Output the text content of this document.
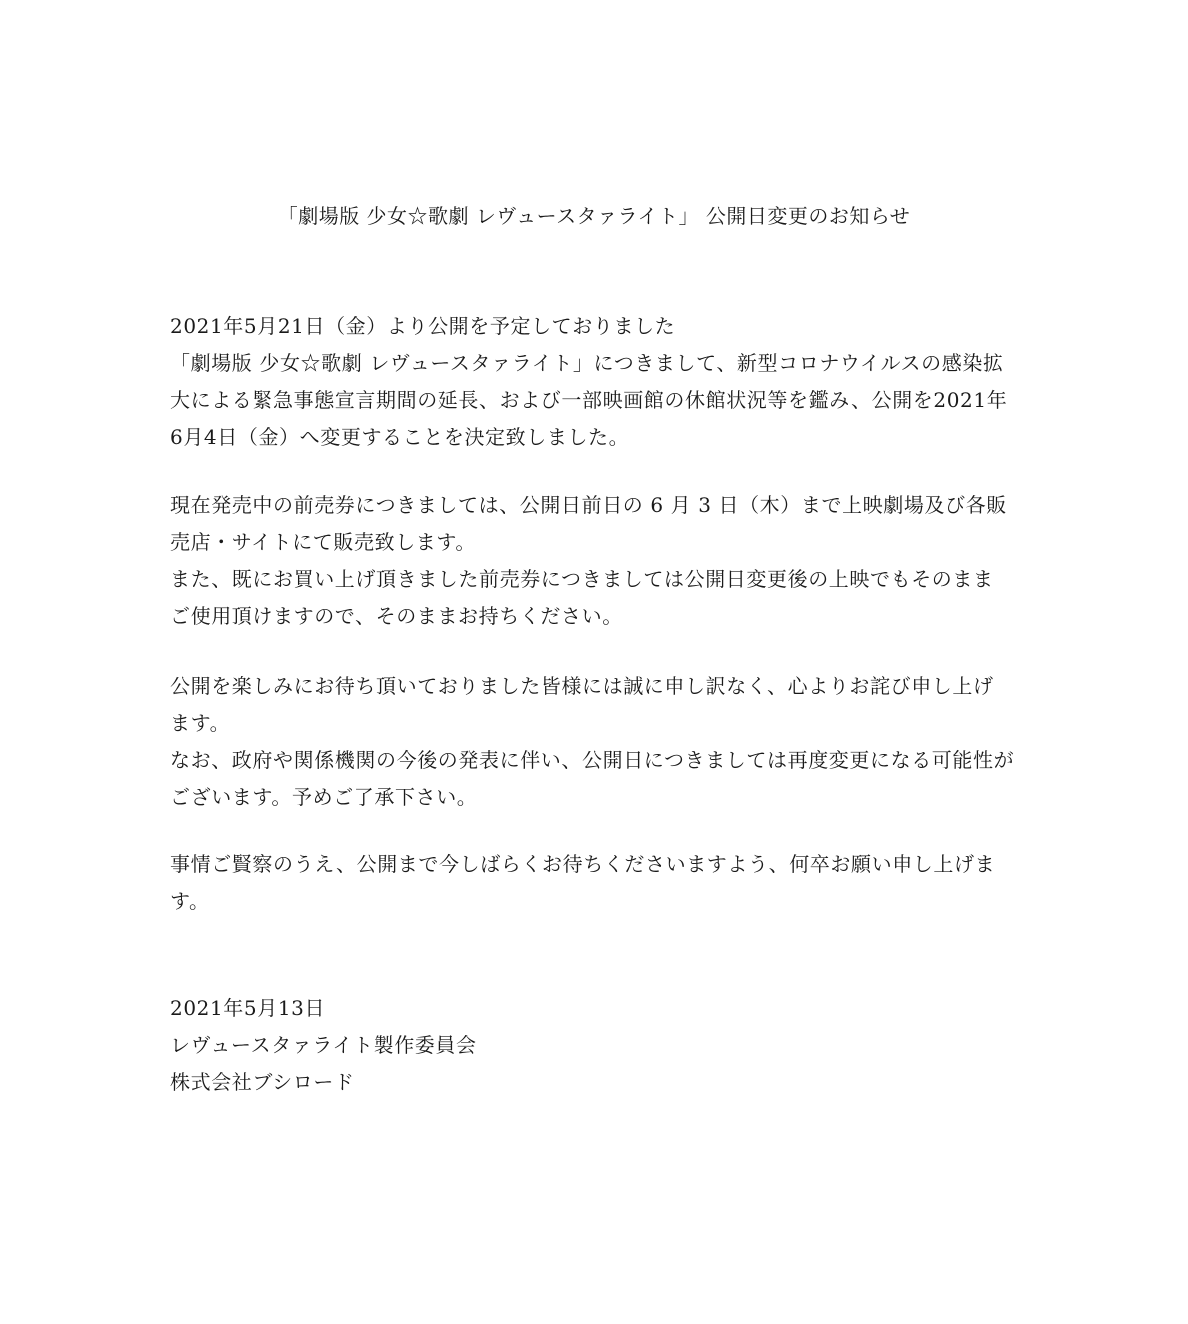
「劇場版 少女☆歌劇 レヴュースタァライト」 公開日変更のお知らせ
2021年5月21日（金）より公開を予定しておりました
「劇場版 少女☆歌劇 レヴュースタァライト」につきまして、新型コロナウイルスの感染拡
大による緊急事態宣言期間の延長、および一部映画館の休館状況等を鑑み、公開を2021年
6月4日（金）へ変更することを決定致しました。
現在発売中の前売券につきましては、公開日前日の 6 月 3 日（木）まで上映劇場及び各販
売店・サイトにて販売致します。
また、既にお買い上げ頂きました前売券につきましては公開日変更後の上映でもそのまま
ご使用頂けますので、そのままお持ちください。
公開を楽しみにお待ち頂いておりました皆様には誠に申し訳なく、心よりお詫び申し上げ
ます。
なお、政府や関係機関の今後の発表に伴い、公開日につきましては再度変更になる可能性が
ございます。予めご了承下さい。
事情ご賢察のうえ、公開まで今しばらくお待ちくださいますよう、何卒お願い申し上げま
す。
2021年5月13日
レヴュースタァライト製作委員会
株式会社ブシロード
